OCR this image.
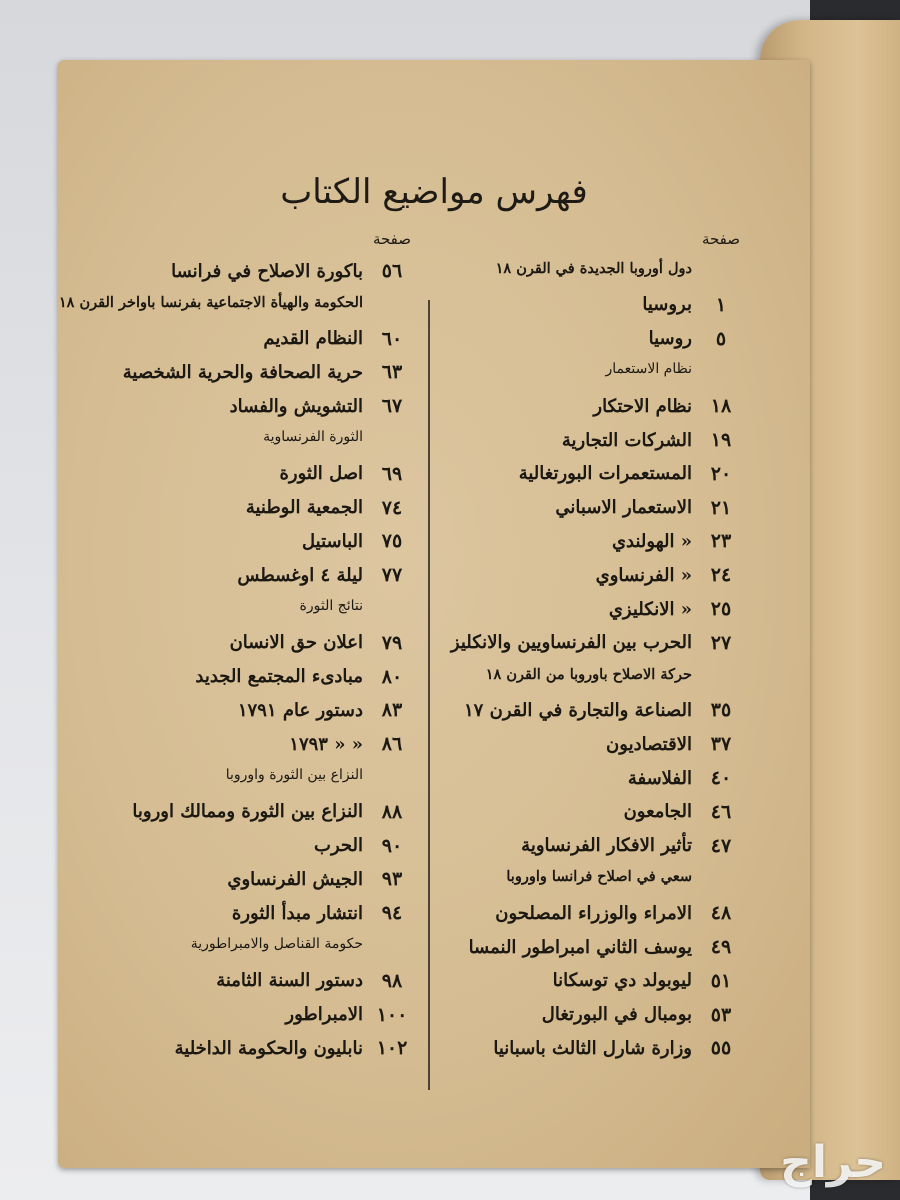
فهرس مواضيع الكتاب
صفحة
دول أوروبا الجديدة في القرن ١٨
١
بروسيا
٥
روسيا
نظام الاستعمار
١٨
نظام الاحتكار
١٩
الشركات التجارية
٢٠
المستعمرات البورتغالية
٢١
الاستعمار الاسباني
٢٣
« الهولندي
٢٤
« الفرنساوي
٢٥
« الانكليزي
٢٧
الحرب بين الفرنساويين والانكليز
حركة الاصلاح باوروبا من القرن ١٨
٣٥
الصناعة والتجارة في القرن ١٧
٣٧
الاقتصاديون
٤٠
الفلاسفة
٤٦
الجامعون
٤٧
تأثير الافكار الفرنساوية
سعي في اصلاح فرانسا واوروبا
٤٨
الامراء والوزراء المصلحون
٤٩
يوسف الثاني امبراطور النمسا
٥١
ليوبولد دي توسكانا
٥٣
بومبال في البورتغال
٥٥
وزارة شارل الثالث باسبانيا
صفحة
٥٦
باكورة الاصلاح في فرانسا
الحكومة والهيأة الاجتماعية بفرنسا باواخر القرن ١٨
٦٠
النظام القديم
٦٣
حرية الصحافة والحرية الشخصية
٦٧
التشويش والفساد
الثورة الفرنساوية
٦٩
اصل الثورة
٧٤
الجمعية الوطنية
٧٥
الباستيل
٧٧
ليلة ٤ اوغسطس
نتائج الثورة
٧٩
اعلان حق الانسان
٨٠
مبادىء المجتمع الجديد
٨٣
دستور عام ١٧٩١
٨٦
« « ١٧٩٣
النزاع بين الثورة واوروبا
٨٨
النزاع بين الثورة وممالك اوروبا
٩٠
الحرب
٩٣
الجيش الفرنساوي
٩٤
انتشار مبدأ الثورة
حكومة القناصل والامبراطورية
٩٨
دستور السنة الثامنة
١٠٠
الامبراطور
١٠٢
نابليون والحكومة الداخلية
حراج
